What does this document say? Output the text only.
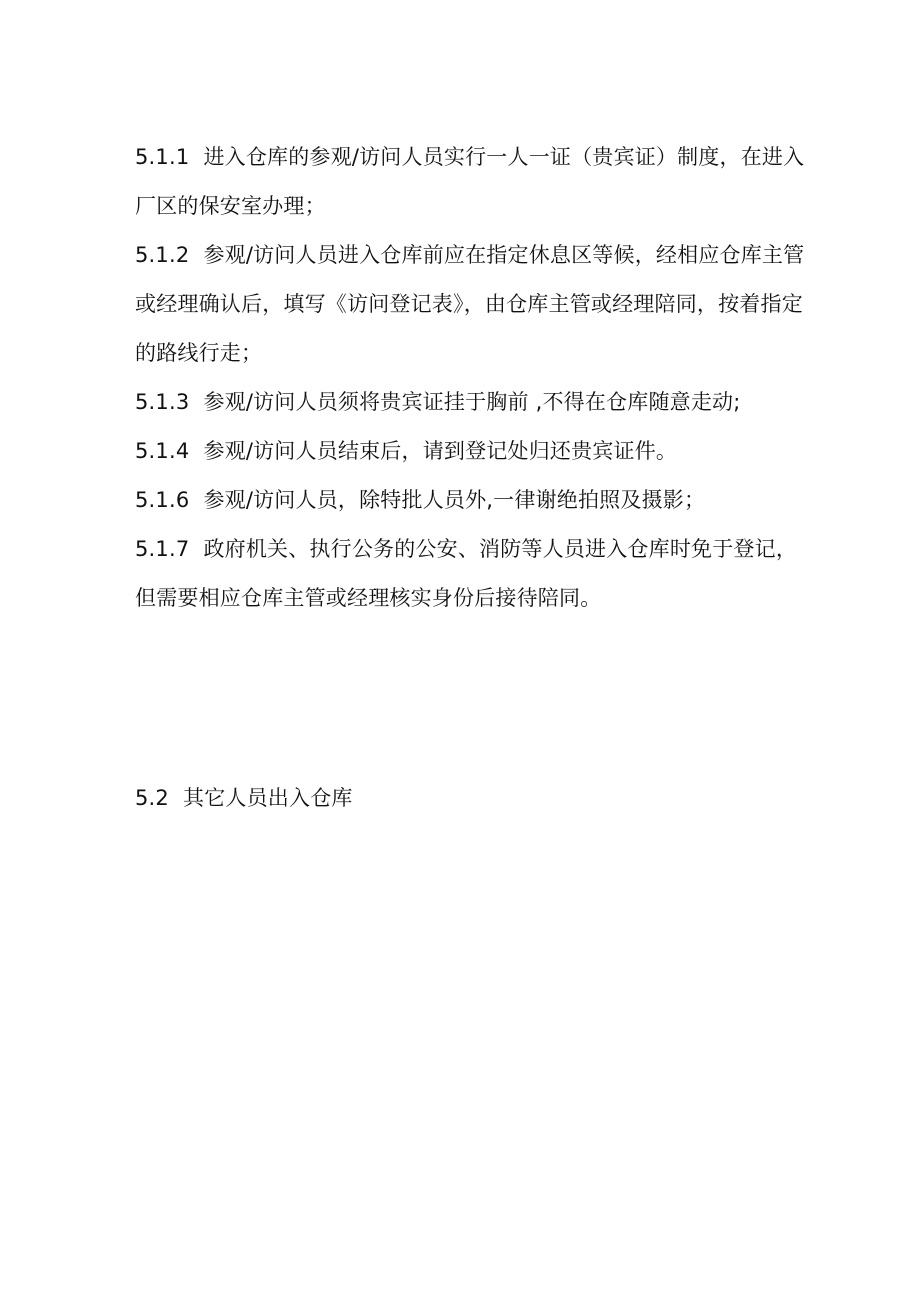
5.1.1 进入仓库的参观/访问人员实行一人一证（贵宾证）制度，在进入厂区的保安室办理；

5.1.2 参观/访问人员进入仓库前应在指定休息区等候，经相应仓库主管或经理确认后，填写《访问登记表》，由仓库主管或经理陪同，按着指定的路线行走；

5.1.3 参观/访问人员须将贵宾证挂于胸前 ,不得在仓库随意走动;

5.1.4 参观/访问人员结束后，请到登记处归还贵宾证件。

5.1.6 参观/访问人员，除特批人员外,一律谢绝拍照及摄影；

5.1.7 政府机关、执行公务的公安、消防等人员进入仓库时免于登记，但需要相应仓库主管或经理核实身份后接待陪同。

5.2 其它人员出入仓库
